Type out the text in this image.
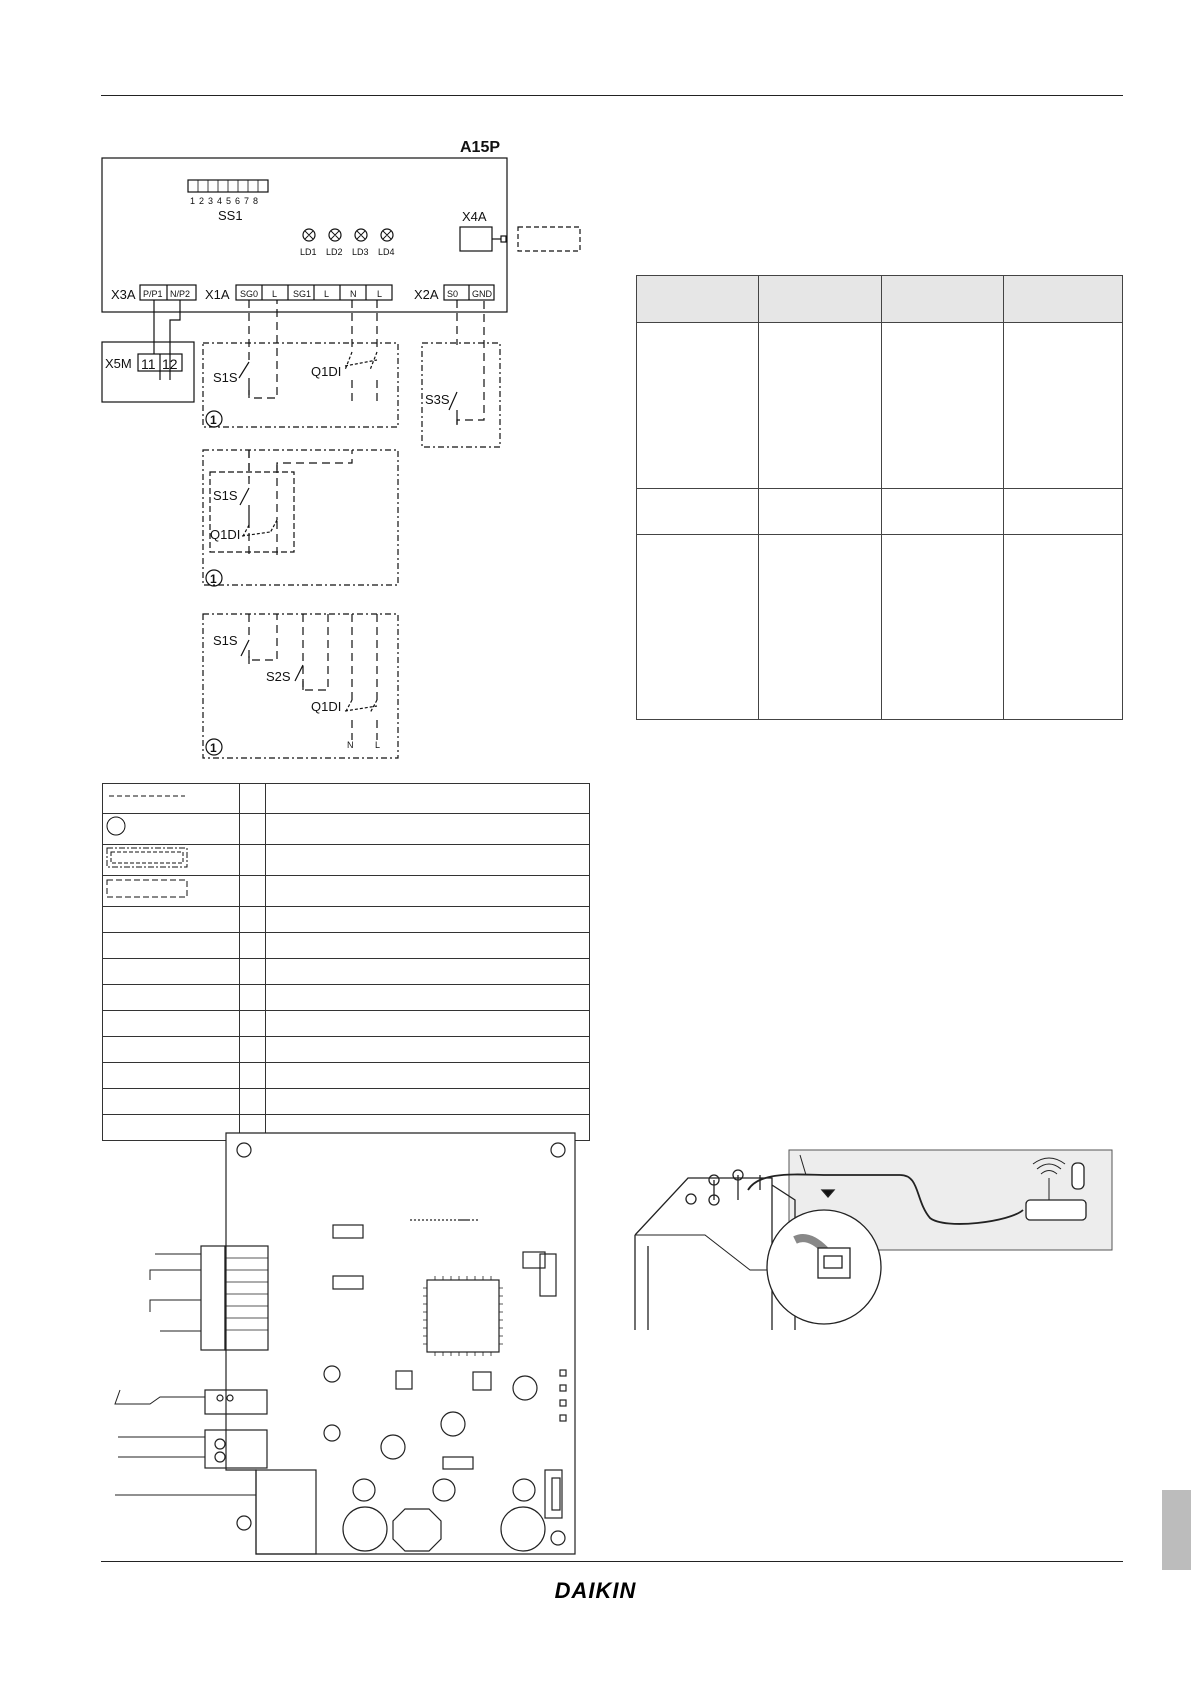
A15P
SS1	X4A
X3A	X1A	X2A
X5M
S1S	Q1DI
S3S
S1S
Q1DI
S1S
S2S
Q1DI
1 2 3 4 5 6 7 8
LD1 LD2 LD3 LD4
P/P1 N/P2	SG0 L SG1 L N L	S0 GND
N L
11 12
1
1
1

DAIKIN
